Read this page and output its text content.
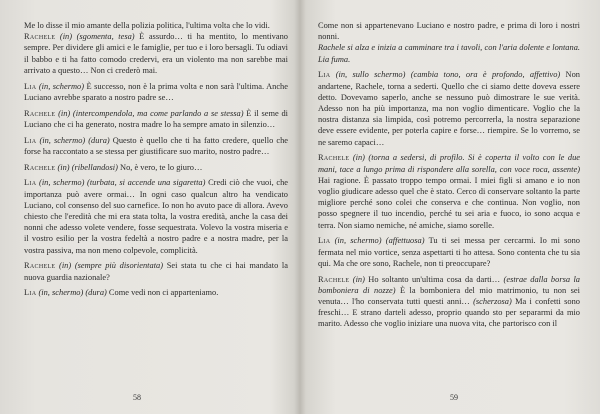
Me lo disse il mio amante della polizia politica, l'ultima volta che lo vidi.
Rachele (in) (sgomenta, tesa) È assurdo… ti ha mentito, lo mentivano sempre. Per dividere gli amici e le famiglie, per tuo e i loro bersagli. Tu odiavi il babbo e ti ha fatto comodo credervi, era un violento ma non sarebbe mai arrivato a questo… Non ci crederò mai.

Lia (in, schermo) È successo, non è la prima volta e non sarà l'ultima. Anche Luciano avrebbe sparato a nostro padre se…

Rachele (in) (intercompendola, ma come parlando a se stessa) È il seme di Luciano che ci ha generato, nostra madre lo ha sempre amato in silenzio…

Lia (in, schermo) (dura) Questo è quello che ti ha fatto credere, quello che forse ha raccontato a se stessa per giustificare suo marito, nostro padre…

Rachele (in) (ribellandosi) No, è vero, te lo giuro…

Lia (in, schermo) (turbata, si accende una sigaretta) Credi ciò che vuoi, che importanza può avere ormai… In ogni caso qualcun altro ha vendicato Luciano, col consenso del suo carnefice. Io non ho avuto pace di allora. Avevo chiesto che l'eredità che mi era stata tolta, la vostra eredità, anche la casa dei nonni che adesso volete vendere, fosse sequestrata. Volevo la vostra miseria e il vostro esilio per la vostra fedeltà a nostro padre e a nostra madre, per la vostra passiva, ma non meno colpevole, complicità.

Rachele (in) (sempre più disorientata) Sei stata tu che ci hai mandato la nuova guardia nazionale?

Lia (in, schermo) (dura) Come vedi non ci apparteniamo.

58

Come non si appartenevano Luciano e nostro padre, e prima di loro i nostri nonni.
Rachele si alza e inizia a camminare tra i tavoli, con l'aria dolente e lontana. Lia fuma.

Lia (in, sullo schermo) (cambia tono, ora è profondo, affettivo) Non andartene, Rachele, torna a sederti. Quello che ci siamo dette doveva essere detto. Dovevamo saperlo, anche se nessuno può dimostrare le sue verità. Adesso non ha più importanza, ma non voglio dimenticare. Voglio che la nostra distanza sia limpida, così potremo percorrerla, la nostra separazione deve essere evidente, per poterla capire e forse… riempire. Se lo vorremo, se ne saremo capaci…

Rachele (in) (torna a sedersi, di profilo. Si è coperta il volto con le due mani, tace a lungo prima di rispondere alla sorella, con voce roca, assente) Hai ragione. È passato troppo tempo ormai. I miei figli si amano e io non voglio giudicare adesso quel che è stato. Cerco di conservare soltanto la parte migliore perché sono colei che conserva e che continua. Non voglio, non posso spegnere il tuo incendio, perché tu sei aria e fuoco, io sono acqua e terra. Non siamo nemiche, né amiche, siamo sorelle.

Lia (in, schermo) (affettuosa) Tu ti sei messa per cercarmi. Io mi sono fermata nel mio vortice, senza aspettarti ti ho attesa. Sono contenta che tu sia qui. Ma che ore sono, Rachele, non ti preoccupare?

Rachele (in) Ho soltanto un'ultima cosa da darti… (estrae dalla borsa la bomboniera di nozze) È la bomboniera del mio matrimonio, tu non sei venuta… l'ho conservata tutti questi anni… (scherzosa) Ma i confetti sono freschi… E strano darteli adesso, proprio quando sto per separarmi da mio marito. Adesso che voglio iniziare una nuova vita, che partorisco con il

59
